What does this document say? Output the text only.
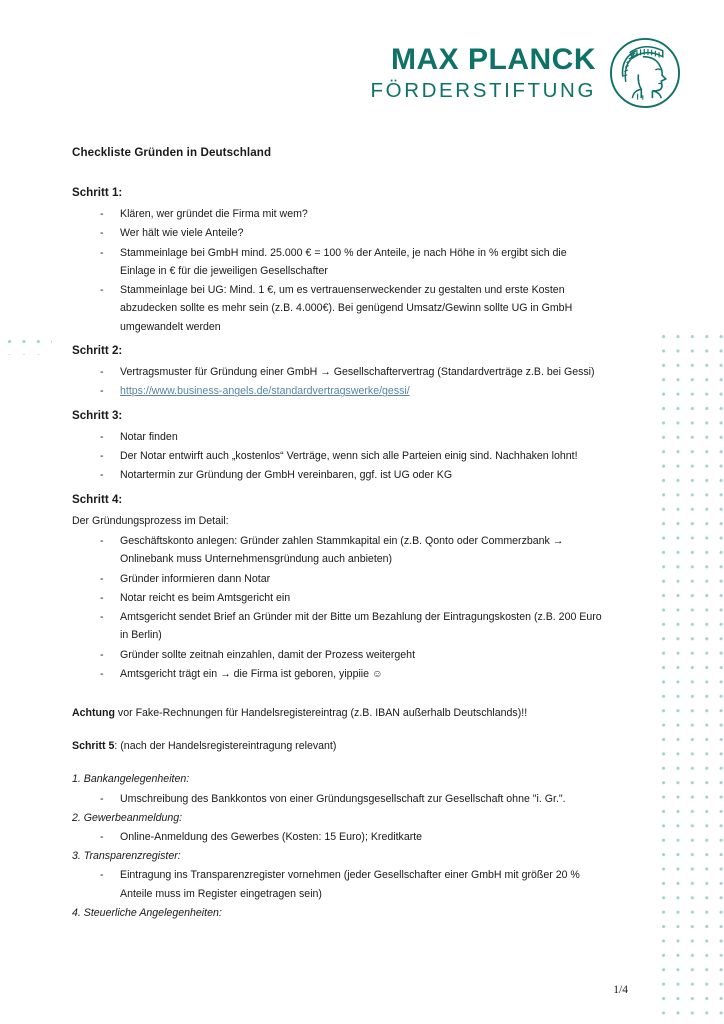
MAX PLANCK
FÖRDERSTIFTUNG
Checkliste Gründen in Deutschland
Schritt 1:
- Klären, wer gründet die Firma mit wem?
- Wer hält wie viele Anteile?
- Stammeinlage bei GmbH mind. 25.000 € = 100 % der Anteile, je nach Höhe in % ergibt sich die Einlage in € für die jeweiligen Gesellschafter
- Stammeinlage bei UG: Mind. 1 €, um es vertrauenserweckender zu gestalten und erste Kosten abzudecken sollte es mehr sein (z.B. 4.000€). Bei genügend Umsatz/Gewinn sollte UG in GmbH umgewandelt werden
Schritt 2:
- Vertragsmuster für Gründung einer GmbH → Gesellschaftervertrag (Standardverträge z.B. bei Gessi)
- https://www.business-angels.de/standardvertragswerke/gessi/
Schritt 3:
- Notar finden
- Der Notar entwirft auch „kostenlos“ Verträge, wenn sich alle Parteien einig sind. Nachhaken lohnt!
- Notartermin zur Gründung der GmbH vereinbaren, ggf. ist UG oder KG
Schritt 4:
Der Gründungsprozess im Detail:
- Geschäftskonto anlegen: Gründer zahlen Stammkapital ein (z.B. Qonto oder Commerzbank → Onlinebank muss Unternehmensgründung auch anbieten)
- Gründer informieren dann Notar
- Notar reicht es beim Amtsgericht ein
- Amtsgericht sendet Brief an Gründer mit der Bitte um Bezahlung der Eintragungskosten (z.B. 200 Euro in Berlin)
- Gründer sollte zeitnah einzahlen, damit der Prozess weitergeht
- Amtsgericht trägt ein → die Firma ist geboren, yippiie ☺
Achtung vor Fake-Rechnungen für Handelsregistereintrag (z.B. IBAN außerhalb Deutschlands)!!
Schritt 5: (nach der Handelsregistereintragung relevant)
1. Bankangelegenheiten:
- Umschreibung des Bankkontos von einer Gründungsgesellschaft zur Gesellschaft ohne "i. Gr.".
2. Gewerbeanmeldung:
- Online-Anmeldung des Gewerbes (Kosten: 15 Euro); Kreditkarte
3. Transparenzregister:
- Eintragung ins Transparenzregister vornehmen (jeder Gesellschafter einer GmbH mit größer 20 % Anteile muss im Register eingetragen sein)
4. Steuerliche Angelegenheiten:
1/4
